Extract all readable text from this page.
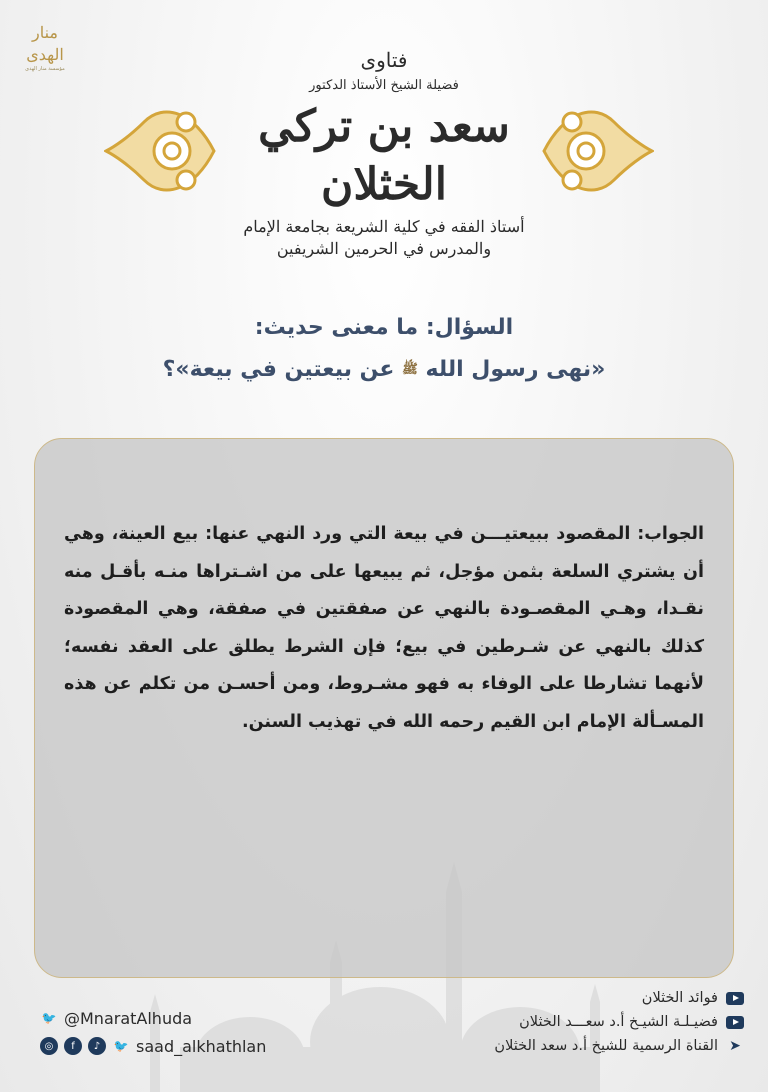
منار الهدى
مؤسسة منار الهدى	فتاوى
فضيلة الشيخ الأستاذ الدكتور
سعد بن تركي الخثلان
أستاذ الفقه في كلية الشريعة بجامعة الإمام
والمدرس في الحرمين الشريفين
السؤال: ما معنى حديث:
«نهى رسول الله ﷺ عن بيعتين في بيعة»؟
الجواب: المقصود ببيعتيـــن في بيعة التي ورد النهي عنها: بيع العينة، وهي أن يشتري السلعة بثمن مؤجل، ثم يبيعها على من اشـتراها منـه بأقـل منه نقـدا، وهـي المقصـودة بالنهي عن صفقتين في صفقة، وهي المقصودة كذلك بالنهي عن شـرطين في بيع؛ فإن الشرط يطلق على العقد نفسه؛ لأنهما تشارطا على الوفاء به فهو مشـروط، ومن أحسـن من تكلم عن هذه المسـألة الإمام ابن القيم رحمه الله في تهذيب السنن.
🐦 @MnaratAlhuda
◎	f	♪	🐦 saad_alkhathlan
فوائد الخثلان
فضيـلـة الشيـخ أ.د سعـــد الخثلان
➤
القناة الرسمية للشيخ أ.د سعد الخثلان
